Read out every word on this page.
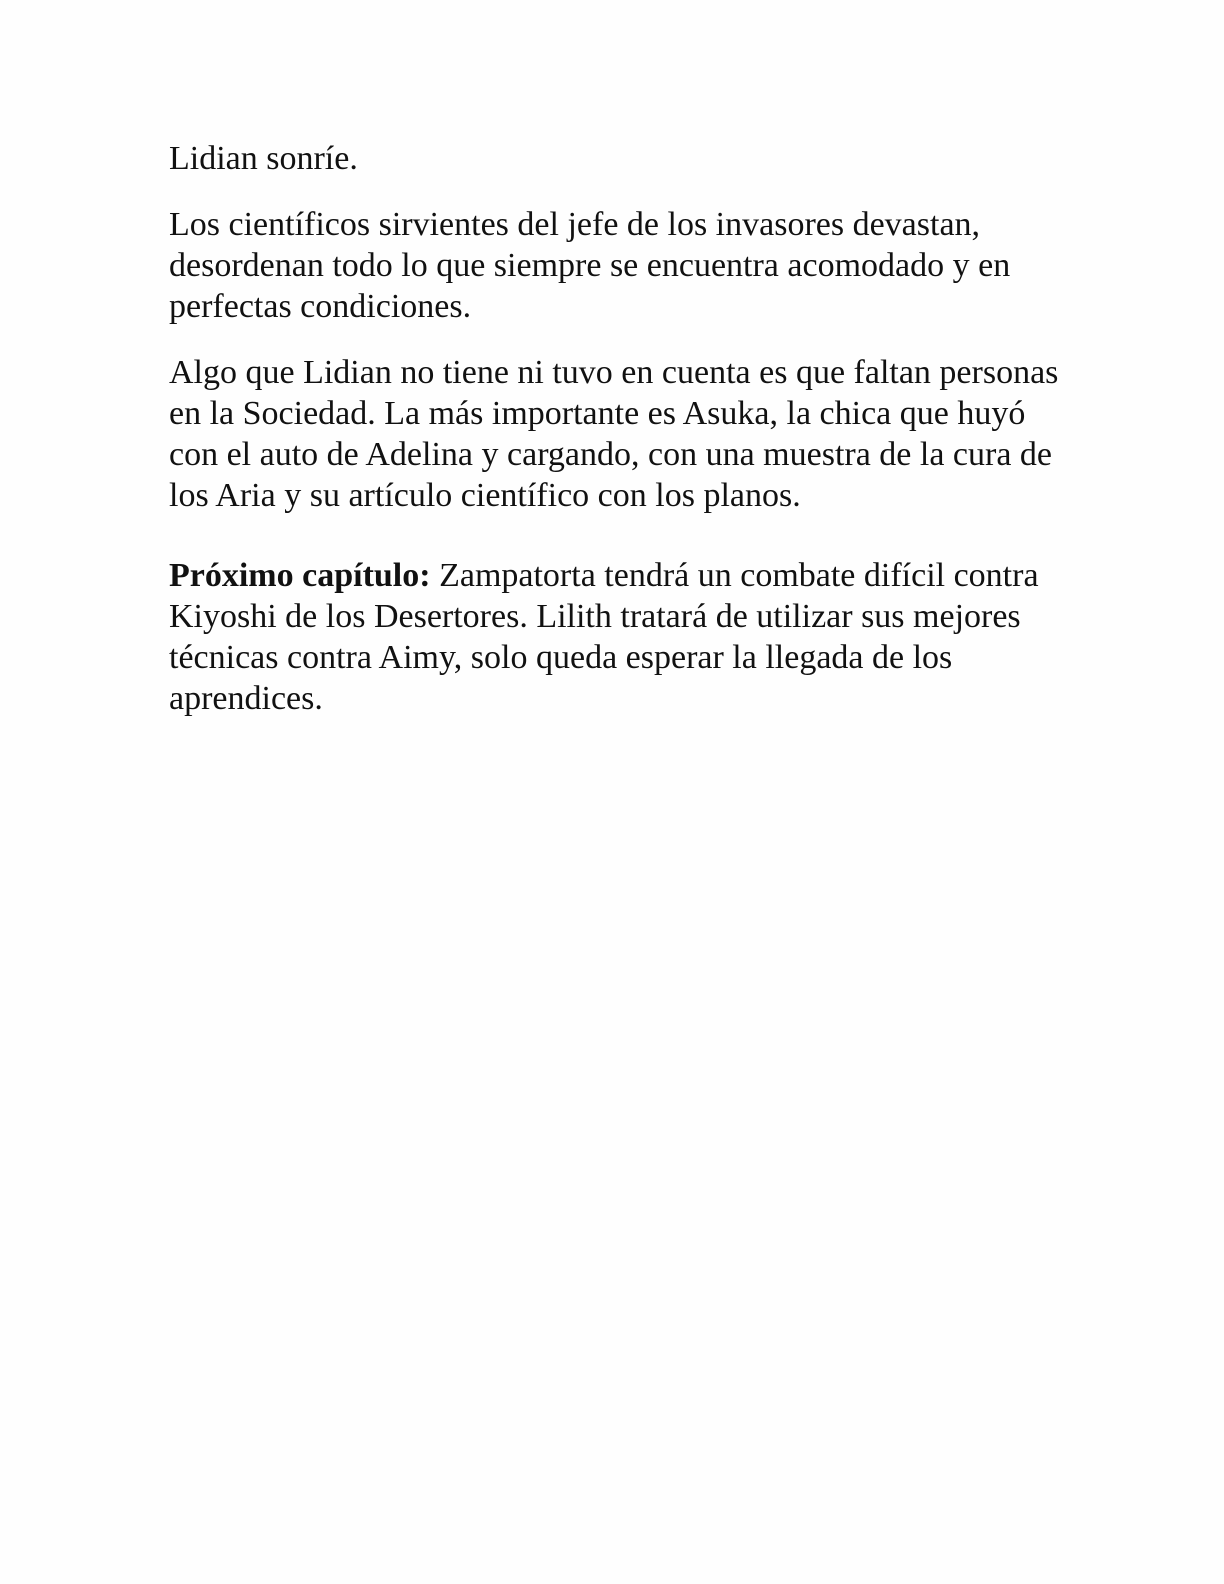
Lidian sonríe.

Los científicos sirvientes del jefe de los invasores devastan, desordenan todo lo que siempre se encuentra acomodado y en perfectas condiciones.

Algo que Lidian no tiene ni tuvo en cuenta es que faltan personas en la Sociedad. La más importante es Asuka, la chica que huyó con el auto de Adelina y cargando, con una muestra de la cura de los Aria y su artículo científico con los planos.

Próximo capítulo: Zampatorta tendrá un combate difícil contra Kiyoshi de los Desertores. Lilith tratará de utilizar sus mejores técnicas contra Aimy, solo queda esperar la llegada de los aprendices.
